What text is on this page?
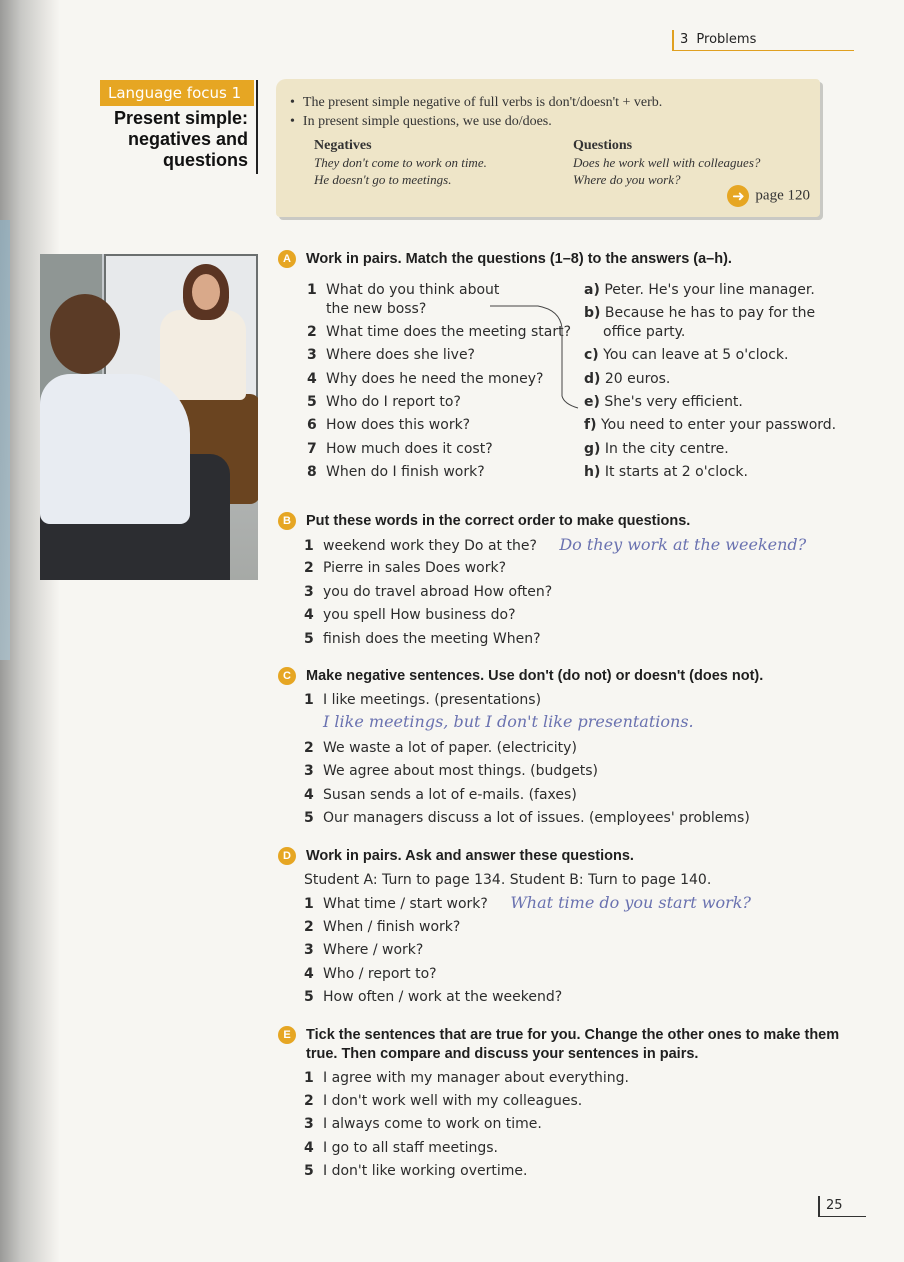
3 Problems
Language focus 1
Present simple:
negatives and
questions
• The present simple negative of full verbs is don't/doesn't + verb.
• In present simple questions, we use do/does.
Negatives
They don't come to work on time.
He doesn't go to meetings.
Questions
Does he work well with colleagues?
Where do you work?
➜ page 120
A Work in pairs. Match the questions (1–8) to the answers (a–h).
1 What do you think about
the new boss?
2 What time does the meeting start?
3 Where does she live?
4 Why does he need the money?
5 Who do I report to?
6 How does this work?
7 How much does it cost?
8 When do I finish work?
a) Peter. He's your line manager.
b) Because he has to pay for the
office party.
c) You can leave at 5 o'clock.
d) 20 euros.
e) She's very efficient.
f) You need to enter your password.
g) In the city centre.
h) It starts at 2 o'clock.
B Put these words in the correct order to make questions.
1 weekend work they Do at the? Do they work at the weekend?
2 Pierre in sales Does work?
3 you do travel abroad How often?
4 you spell How business do?
5 finish does the meeting When?
C Make negative sentences. Use don't (do not) or doesn't (does not).
1 I like meetings. (presentations)
I like meetings, but I don't like presentations.
2 We waste a lot of paper. (electricity)
3 We agree about most things. (budgets)
4 Susan sends a lot of e-mails. (faxes)
5 Our managers discuss a lot of issues. (employees' problems)
D Work in pairs. Ask and answer these questions.
Student A: Turn to page 134. Student B: Turn to page 140.
1 What time / start work? What time do you start work?
2 When / finish work?
3 Where / work?
4 Who / report to?
5 How often / work at the weekend?
E Tick the sentences that are true for you. Change the other ones to make them
true. Then compare and discuss your sentences in pairs.
1 I agree with my manager about everything.
2 I don't work well with my colleagues.
3 I always come to work on time.
4 I go to all staff meetings.
5 I don't like working overtime.
25
